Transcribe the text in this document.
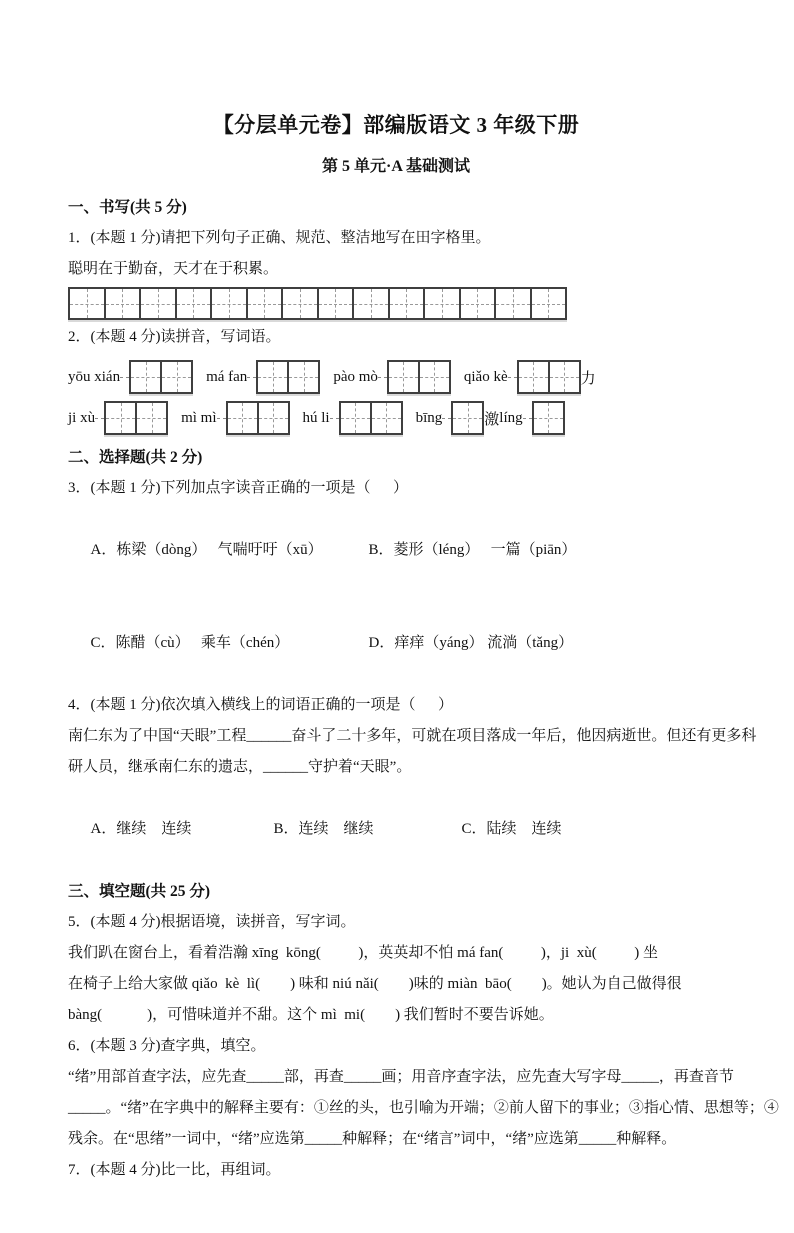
【分层单元卷】部编版语文 3 年级下册
第 5 单元·A 基础测试
一、书写(共 5 分)
1．(本题 1 分)请把下列句子正确、规范、整洁地写在田字格里。
聪明在于勤奋，天才在于积累。
2．(本题 4 分)读拼音，写词语。
yōu xián	má fan	pào mò	qiǎo kè	力
ji xù	mì mì	hú li	bīng	激 líng
二、选择题(共 2 分)
3．(本题 1 分)下列加点字读音正确的一项是（      ）

A．栋梁（dòng）　 气喘吁吁（xū）	B．菱形（léng）　 一篇（piān）

C．陈醋（cù）　 乘车（chén）	D．痒痒（yáng） 流淌（tǎng）

4．(本题 1 分)依次填入横线上的词语正确的一项是（      ）
南仁东为了中国“天眼”工程______奋斗了二十多年，可就在项目落成一年后，他因病逝世。但还有更多科
研人员，继承南仁东的遗志，______守护着“天眼”。

A．继续　连续	B．连续　继续	C．陆续　连续

三、填空题(共 25 分)
5．(本题 4 分)根据语境，读拼音，写字词。
我们趴在窗台上，看着浩瀚 xīng  kōng(          )，英英却不怕 má fan(          )，ji  xù(          ) 坐
在椅子上给大家做 qiǎo  kè  lì(        ) 味和 niú nǎi(        )味的 miàn  bāo(        )。她认为自己做得很
bàng(            )，可惜味道并不甜。这个 mì  mi(        ) 我们暂时不要告诉她。
6．(本题 3 分)查字典，填空。
“绪”用部首查字法，应先查_____部，再查_____画；用音序查字法，应先查大写字母_____，再查音节
_____。“绪”在字典中的解释主要有：①丝的头，也引喻为开端；②前人留下的事业；③指心情、思想等；④
残余。在“思绪”一词中，“绪”应选第_____种解释；在“绪言”词中，“绪”应选第_____种解释。
7．(本题 4 分)比一比，再组词。
